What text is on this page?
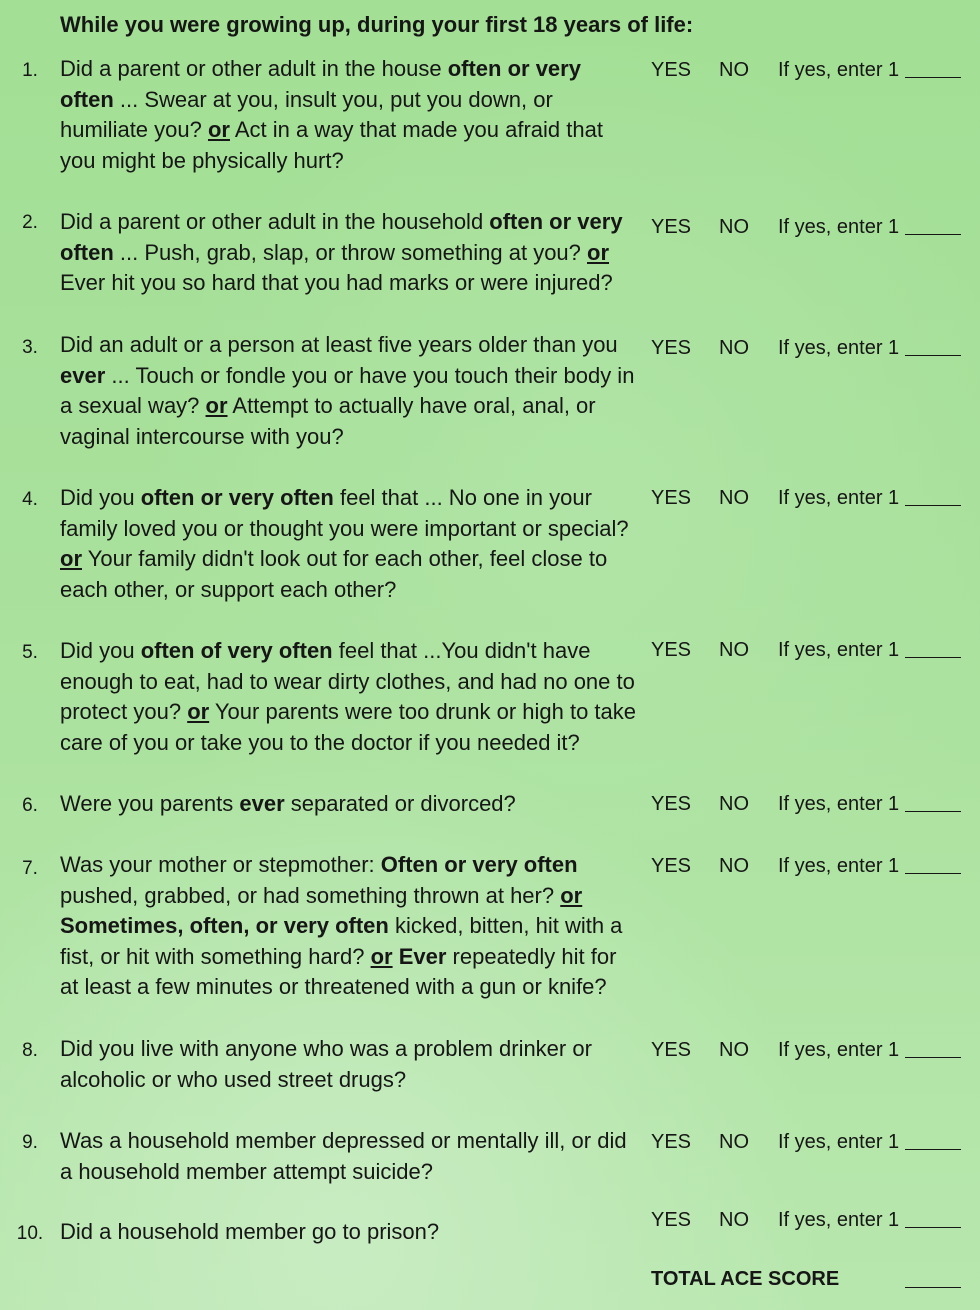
While you were growing up, during your first 18 years of life:
1.	Did a parent or other adult in the house often or very often ... Swear at you, insult you, put you down, or humiliate you? or Act in a way that made you afraid that you might be physically hurt?
YES NO If yes, enter 1
2.	Did a parent or other adult in the household often or very often ... Push, grab, slap, or throw something at you? or Ever hit you so hard that you had marks or were injured?
YES NO If yes, enter 1
3.	Did an adult or a person at least five years older than you ever ... Touch or fondle you or have you touch their body in a sexual way? or Attempt to actually have oral, anal, or vaginal intercourse with you?
YES NO If yes, enter 1
4.	Did you often or very often feel that ... No one in your family loved you or thought you were important or special? or Your family didn't look out for each other, feel close to each other, or support each other?
YES NO If yes, enter 1
5.	Did you often of very often feel that ...You didn't have enough to eat, had to wear dirty clothes, and had no one to protect you? or Your parents were too drunk or high to take care of you or take you to the doctor if you needed it?
YES NO If yes, enter 1
6.	Were you parents ever separated or divorced?	YES NO If yes, enter 1
7.	Was your mother or stepmother: Often or very often pushed, grabbed, or had something thrown at her? or Sometimes, often, or very often kicked, bitten, hit with a fist, or hit with something hard? or Ever repeatedly hit for at least a few minutes or threatened with a gun or knife?
YES NO If yes, enter 1
8.	Did you live with anyone who was a problem drinker or alcoholic or who used street drugs?
YES NO If yes, enter 1
9.	Was a household member depressed or mentally ill, or did a household member attempt suicide?
YES NO If yes, enter 1
10. Did a household member go to prison?	YES NO If yes, enter 1
TOTAL ACE SCORE
